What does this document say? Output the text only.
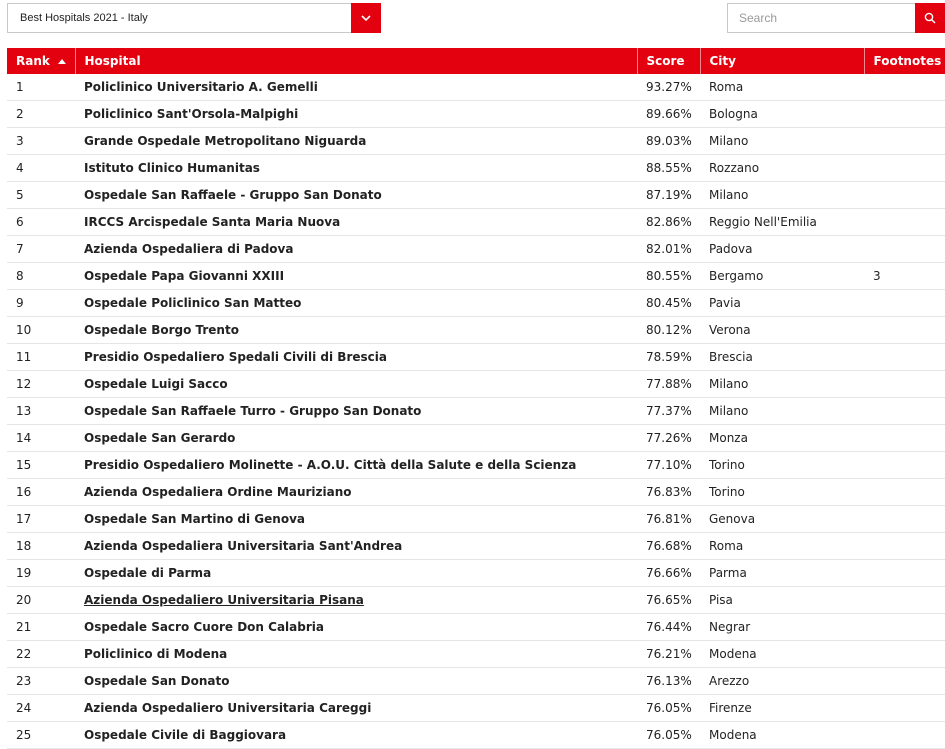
Best Hospitals 2021 - Italy
Search
Rank	Hospital	Score	City	Footnotes
1	Policlinico Universitario A. Gemelli	93.27%	Roma	
2	Policlinico Sant'Orsola-Malpighi	89.66%	Bologna	
3	Grande Ospedale Metropolitano Niguarda	89.03%	Milano	
4	Istituto Clinico Humanitas	88.55%	Rozzano	
5	Ospedale San Raffaele - Gruppo San Donato	87.19%	Milano	
6	IRCCS Arcispedale Santa Maria Nuova	82.86%	Reggio Nell'Emilia	
7	Azienda Ospedaliera di Padova	82.01%	Padova	
8	Ospedale Papa Giovanni XXIII	80.55%	Bergamo	3
9	Ospedale Policlinico San Matteo	80.45%	Pavia	
10	Ospedale Borgo Trento	80.12%	Verona	
11	Presidio Ospedaliero Spedali Civili di Brescia	78.59%	Brescia	
12	Ospedale Luigi Sacco	77.88%	Milano	
13	Ospedale San Raffaele Turro - Gruppo San Donato	77.37%	Milano	
14	Ospedale San Gerardo	77.26%	Monza	
15	Presidio Ospedaliero Molinette - A.O.U. Città della Salute e della Scienza	77.10%	Torino	
16	Azienda Ospedaliera Ordine Mauriziano	76.83%	Torino	
17	Ospedale San Martino di Genova	76.81%	Genova	
18	Azienda Ospedaliera Universitaria Sant'Andrea	76.68%	Roma	
19	Ospedale di Parma	76.66%	Parma	
20	Azienda Ospedaliero Universitaria Pisana	76.65%	Pisa	
21	Ospedale Sacro Cuore Don Calabria	76.44%	Negrar	
22	Policlinico di Modena	76.21%	Modena	
23	Ospedale San Donato	76.13%	Arezzo	
24	Azienda Ospedaliero Universitaria Careggi	76.05%	Firenze	
25	Ospedale Civile di Baggiovara	76.05%	Modena	
